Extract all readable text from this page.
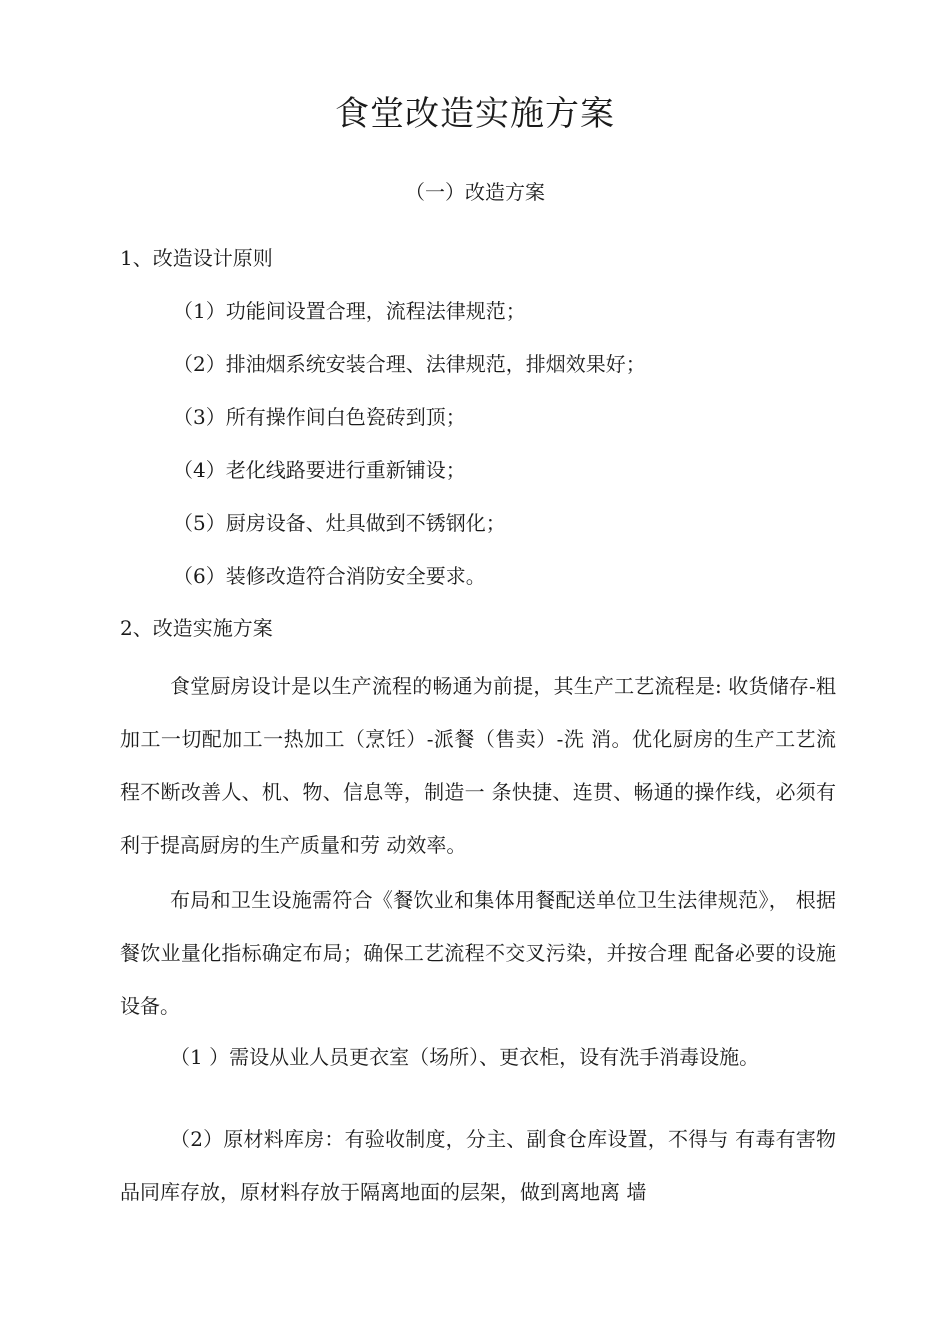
食堂改造实施方案
（一）改造方案
1、改造设计原则

（1）功能间设置合理，流程法律规范；

（2）排油烟系统安装合理、法律规范，排烟效果好；

（3）所有操作间白色瓷砖到顶；

（4）老化线路要进行重新铺设；

（5）厨房设备、灶具做到不锈钢化；

（6）装修改造符合消防安全要求。

2、改造实施方案

食堂厨房设计是以生产流程的畅通为前提，其生产工艺流程是: 收货储存-粗加工一切配加工一热加工（烹饪）-派餐（售卖）-洗 消。优化厨房的生产工艺流程不断改善人、机、物、信息等，制造一 条快捷、连贯、畅通的操作线，必须有利于提高厨房的生产质量和劳 动效率。

布局和卫生设施需符合《餐饮业和集体用餐配送单位卫生法律规范》， 根据餐饮业量化指标确定布局；确保工艺流程不交叉污染，并按合理 配备必要的设施设备。

（1 ）需设从业人员更衣室（场所）、更衣柜，设有洗手消毒设施。

（2）原材料库房：有验收制度，分主、副食仓库设置，不得与 有毒有害物品同库存放，原材料存放于隔离地面的层架，做到离地离 墙
